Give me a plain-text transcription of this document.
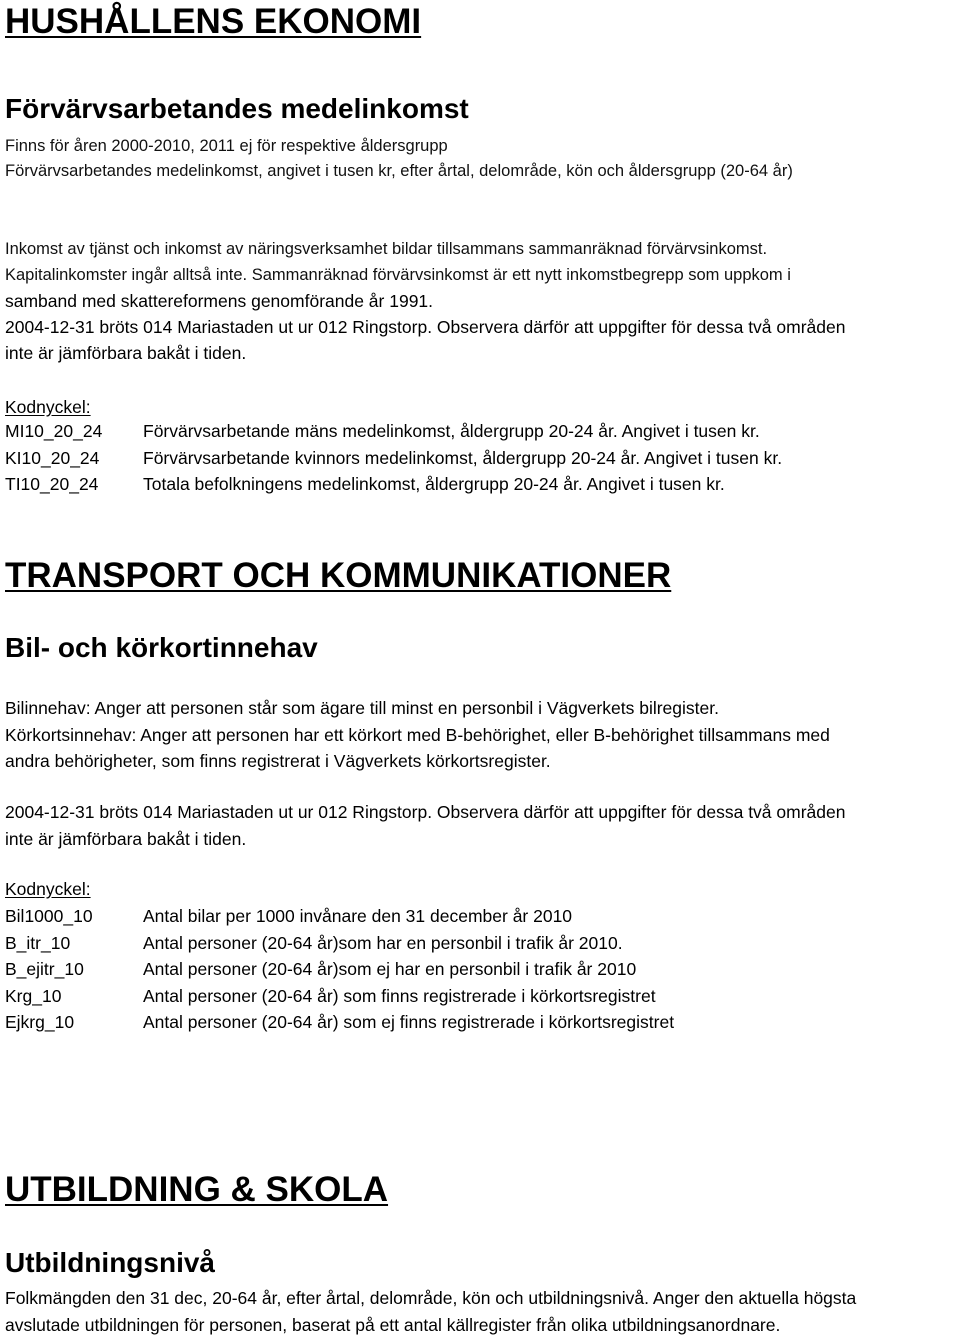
HUSHÅLLENS EKONOMI
Förvärvsarbetandes medelinkomst
Finns för åren 2000-2010, 2011 ej för respektive åldersgrupp
Förvärvsarbetandes medelinkomst, angivet i tusen kr, efter årtal, delområde, kön och åldersgrupp (20-64 år)
Inkomst av tjänst och inkomst av näringsverksamhet bildar tillsammans sammanräknad förvärvsinkomst.
Kapitalinkomster ingår alltså inte. Sammanräknad förvärvsinkomst är ett nytt inkomstbegrepp som uppkom i
samband med skattereformens genomförande år 1991.
2004-12-31 bröts 014 Mariastaden ut ur 012 Ringstorp. Observera därför att uppgifter för dessa två områden
inte är jämförbara bakåt i tiden.
Kodnyckel:
MI10_20_24	Förvärvsarbetande mäns medelinkomst, åldergrupp 20-24 år. Angivet i tusen kr.
KI10_20_24	Förvärvsarbetande kvinnors medelinkomst, åldergrupp 20-24 år. Angivet i tusen kr.
TI10_20_24	Totala befolkningens medelinkomst, åldergrupp 20-24 år. Angivet i tusen kr.
TRANSPORT OCH KOMMUNIKATIONER
Bil- och körkortinnehav
Bilinnehav: Anger att personen står som ägare till minst en personbil i Vägverkets bilregister.
Körkortsinnehav: Anger att personen har ett körkort med B-behörighet, eller B-behörighet tillsammans med
andra behörigheter, som finns registrerat i Vägverkets körkortsregister.
2004-12-31 bröts 014 Mariastaden ut ur 012 Ringstorp. Observera därför att uppgifter för dessa två områden
inte är jämförbara bakåt i tiden.
Kodnyckel:
Bil1000_10	Antal bilar per 1000 invånare den 31 december år 2010
B_itr_10	Antal personer (20-64 år)som har en personbil i trafik år 2010.
B_ejitr_10	Antal personer (20-64 år)som ej har en personbil i trafik år 2010
Krg_10	Antal personer (20-64 år) som finns registrerade i körkortsregistret
Ejkrg_10	Antal personer (20-64 år) som ej finns registrerade i körkortsregistret
UTBILDNING & SKOLA
Utbildningsnivå
Folkmängden den 31 dec, 20-64 år, efter årtal, delområde, kön och utbildningsnivå. Anger den aktuella högsta
avslutade utbildningen för personen, baserat på ett antal källregister från olika utbildningsanordnare.
